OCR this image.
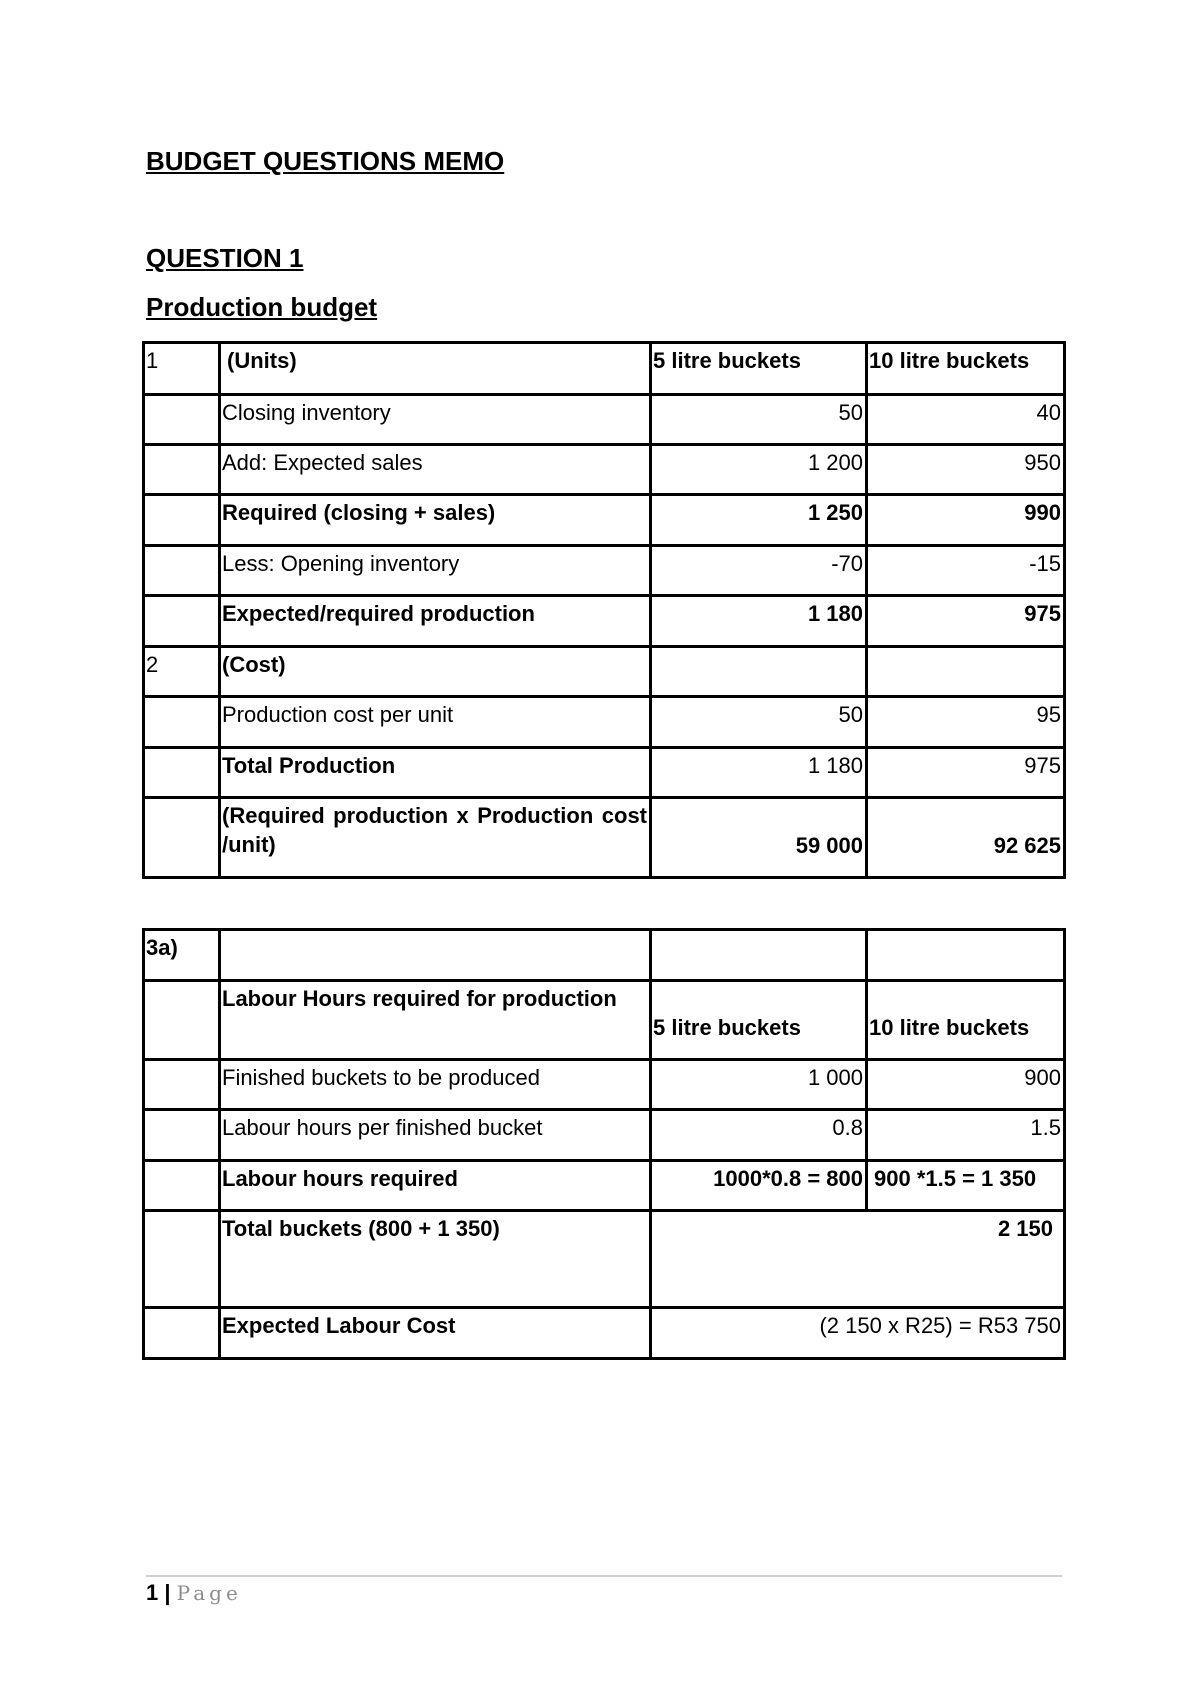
BUDGET QUESTIONS MEMO
QUESTION 1
Production budget
1	(Units)	5 litre buckets	10 litre buckets
	Closing inventory	50	40
	Add: Expected sales	1 200	950
	Required (closing + sales)	1 250	990
	Less: Opening inventory	-70	-15
	Expected/required production	1 180	975
2	(Cost)		
	Production cost per unit	50	95
	Total Production	1 180	975
	(Required production x Production cost /unit)	59 000	92 625
3a)			
	Labour Hours required for production	5 litre buckets	10 litre buckets
	Finished buckets to be produced	1 000	900
	Labour hours per finished bucket	0.8	1.5
	Labour hours required	1000*0.8 = 800	900 *1.5 = 1 350
	Total buckets (800 + 1 350)	2 150	
	Expected Labour Cost	(2 150 x R25) = R53 750	
1 | Page
